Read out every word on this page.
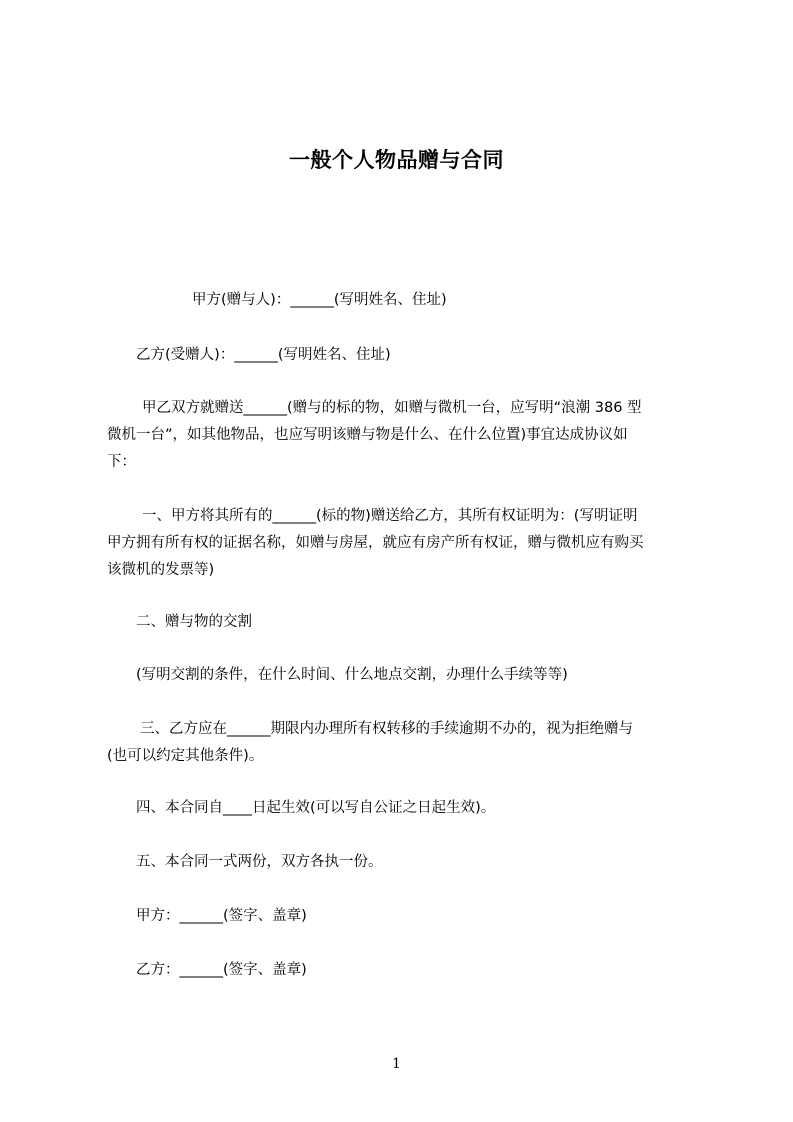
一般个人物品赠与合同
甲方(赠与人)：______(写明姓名、住址)
乙方(受赠人)：______(写明姓名、住址)
甲乙双方就赠送______(赠与的标的物，如赠与微机一台，应写明“浪潮 386 型
微机一台”，如其他物品，也应写明该赠与物是什么、在什么位置)事宜达成协议如
下：
一、甲方将其所有的______(标的物)赠送给乙方，其所有权证明为：(写明证明
甲方拥有所有权的证据名称，如赠与房屋，就应有房产所有权证，赠与微机应有购买
该微机的发票等)
二、赠与物的交割
(写明交割的条件，在什么时间、什么地点交割，办理什么手续等等)
三、乙方应在______期限内办理所有权转移的手续逾期不办的，视为拒绝赠与
(也可以约定其他条件)。
四、本合同自____日起生效(可以写自公证之日起生效)。
五、本合同一式两份，双方各执一份。
甲方：______(签字、盖章)
乙方：______(签字、盖章)
1
